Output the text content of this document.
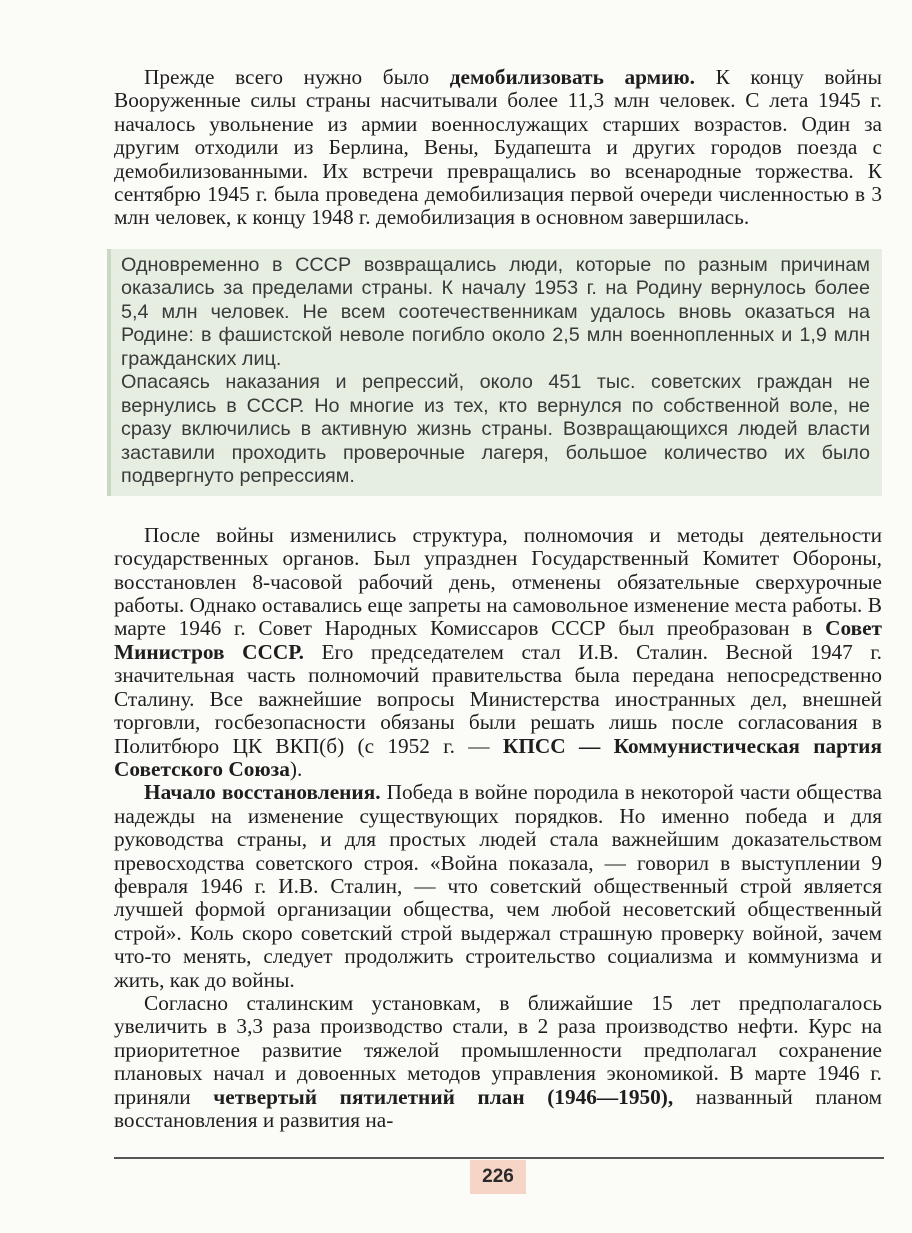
Прежде всего нужно было демобилизовать армию. К концу войны Вооруженные силы страны насчитывали более 11,3 млн человек. С лета 1945 г. началось увольнение из армии военнослужащих старших возрастов. Один за другим отходили из Берлина, Вены, Будапешта и других городов поезда с демобилизованными. Их встречи превращались во всенародные торжества. К сентябрю 1945 г. была проведена демобилизация первой очереди численностью в 3 млн человек, к концу 1948 г. демобилизация в основном завершилась.

Одновременно в СССР возвращались люди, которые по разным причинам оказались за пределами страны. К началу 1953 г. на Родину вернулось более 5,4 млн человек. Не всем соотечественникам удалось вновь оказаться на Родине: в фашистской неволе погибло около 2,5 млн военнопленных и 1,9 млн гражданских лиц.

Опасаясь наказания и репрессий, около 451 тыс. советских граждан не вернулись в СССР. Но многие из тех, кто вернулся по собственной воле, не сразу включились в активную жизнь страны. Возвращающихся людей власти заставили проходить проверочные лагеря, большое количество их было подвергнуто репрессиям.

После войны изменились структура, полномочия и методы деятельности государственных органов. Был упразднен Государственный Комитет Обороны, восстановлен 8-часовой рабочий день, отменены обязательные сверхурочные работы. Однако оставались еще запреты на самовольное изменение места работы. В марте 1946 г. Совет Народных Комиссаров СССР был преобразован в Совет Министров СССР. Его председателем стал И.В. Сталин. Весной 1947 г. значительная часть полномочий правительства была передана непосредственно Сталину. Все важнейшие вопросы Министерства иностранных дел, внешней торговли, госбезопасности обязаны были решать лишь после согласования в Политбюро ЦК ВКП(б) (с 1952 г. — КПСС — Коммунистическая партия Советского Союза).

Начало восстановления. Победа в войне породила в некоторой части общества надежды на изменение существующих порядков. Но именно победа и для руководства страны, и для простых людей стала важнейшим доказательством превосходства советского строя. «Война показала, — говорил в выступлении 9 февраля 1946 г. И.В. Сталин, — что советский общественный строй является лучшей формой организации общества, чем любой несоветский общественный строй». Коль скоро советский строй выдержал страшную проверку войной, зачем что-то менять, следует продолжить строительство социализма и коммунизма и жить, как до войны.

Согласно сталинским установкам, в ближайшие 15 лет предполагалось увеличить в 3,3 раза производство стали, в 2 раза производство нефти. Курс на приоритетное развитие тяжелой промышленности предполагал сохранение плановых начал и довоенных методов управления экономикой. В марте 1946 г. приняли четвертый пятилетний план (1946—1950), названный планом восстановления и развития на-

226
